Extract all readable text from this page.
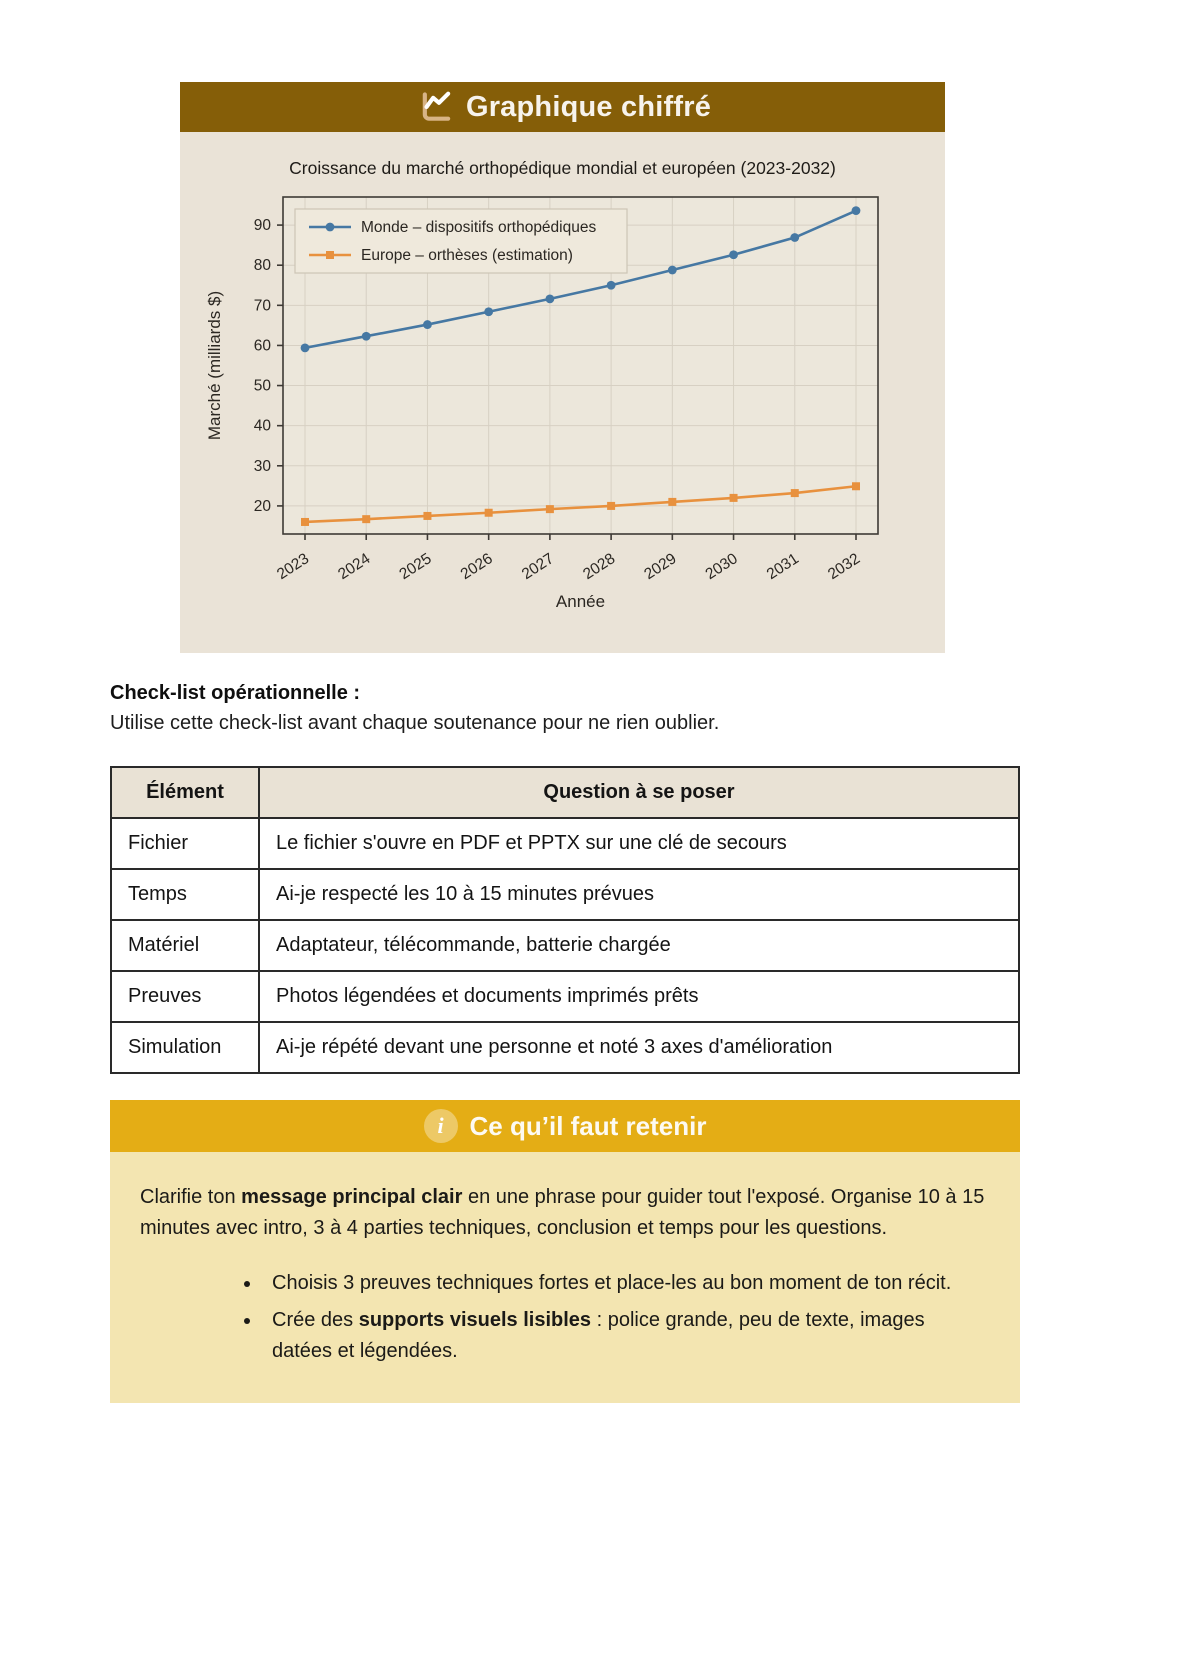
Graphique chiffré
Croissance du marché orthopédique mondial et européen (2023-2032)
20
30
40
50
60
70
80
90
2023 2024 2025 2026 2027 2028 2029 2030 2031 2032
Monde – dispositifs orthopédiques
Europe – orthèses (estimation)
Année
Marché (milliards $)
Check-list opérationnelle :
Utilise cette check-list avant chaque soutenance pour ne rien oublier.
Élément	Question à se poser
Fichier	Le fichier s'ouvre en PDF et PPTX sur une clé de secours
Temps	Ai-je respecté les 10 à 15 minutes prévues
Matériel	Adaptateur, télécommande, batterie chargée
Preuves	Photos légendées et documents imprimés prêts
Simulation	Ai-je répété devant une personne et noté 3 axes d'amélioration
i Ce qu’il faut retenir

Clarifie ton message principal clair en une phrase pour guider tout l'exposé. Organise 10 à 15 minutes avec intro, 3 à 4 parties techniques, conclusion et temps pour les questions.

• Choisis 3 preuves techniques fortes et place-les au bon moment de ton récit.
• Crée des supports visuels lisibles : police grande, peu de texte, images datées et légendées.
